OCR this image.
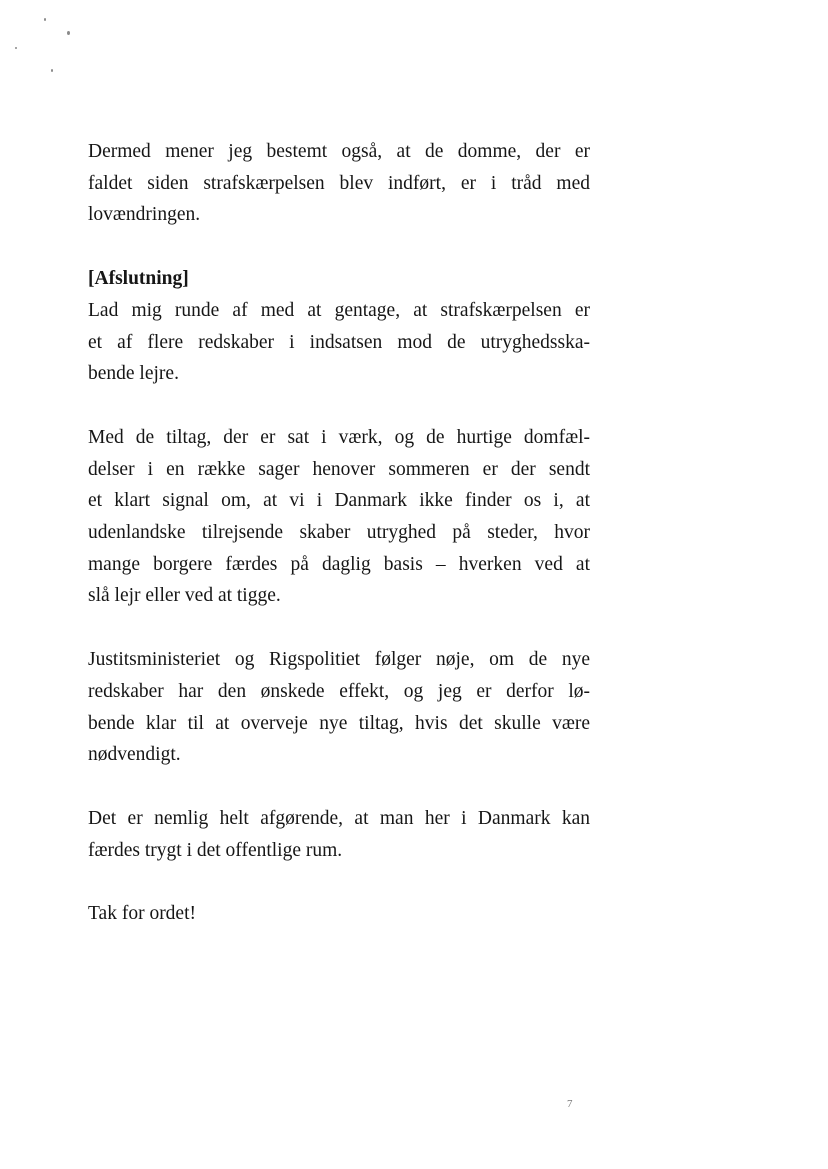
Dermed mener jeg bestemt også, at de domme, der er
faldet siden strafskærpelsen blev indført, er i tråd med
lovændringen.

[Afslutning]

Lad mig runde af med at gentage, at strafskærpelsen er
et af flere redskaber i indsatsen mod de utryghedsska-
bende lejre.

Med de tiltag, der er sat i værk, og de hurtige domfæl-
delser i en række sager henover sommeren er der sendt
et klart signal om, at vi i Danmark ikke finder os i, at
udenlandske tilrejsende skaber utryghed på steder, hvor
mange borgere færdes på daglig basis – hverken ved at
slå lejr eller ved at tigge.

Justitsministeriet og Rigspolitiet følger nøje, om de nye
redskaber har den ønskede effekt, og jeg er derfor lø-
bende klar til at overveje nye tiltag, hvis det skulle være
nødvendigt.

Det er nemlig helt afgørende, at man her i Danmark kan
færdes trygt i det offentlige rum.

Tak for ordet!

7
